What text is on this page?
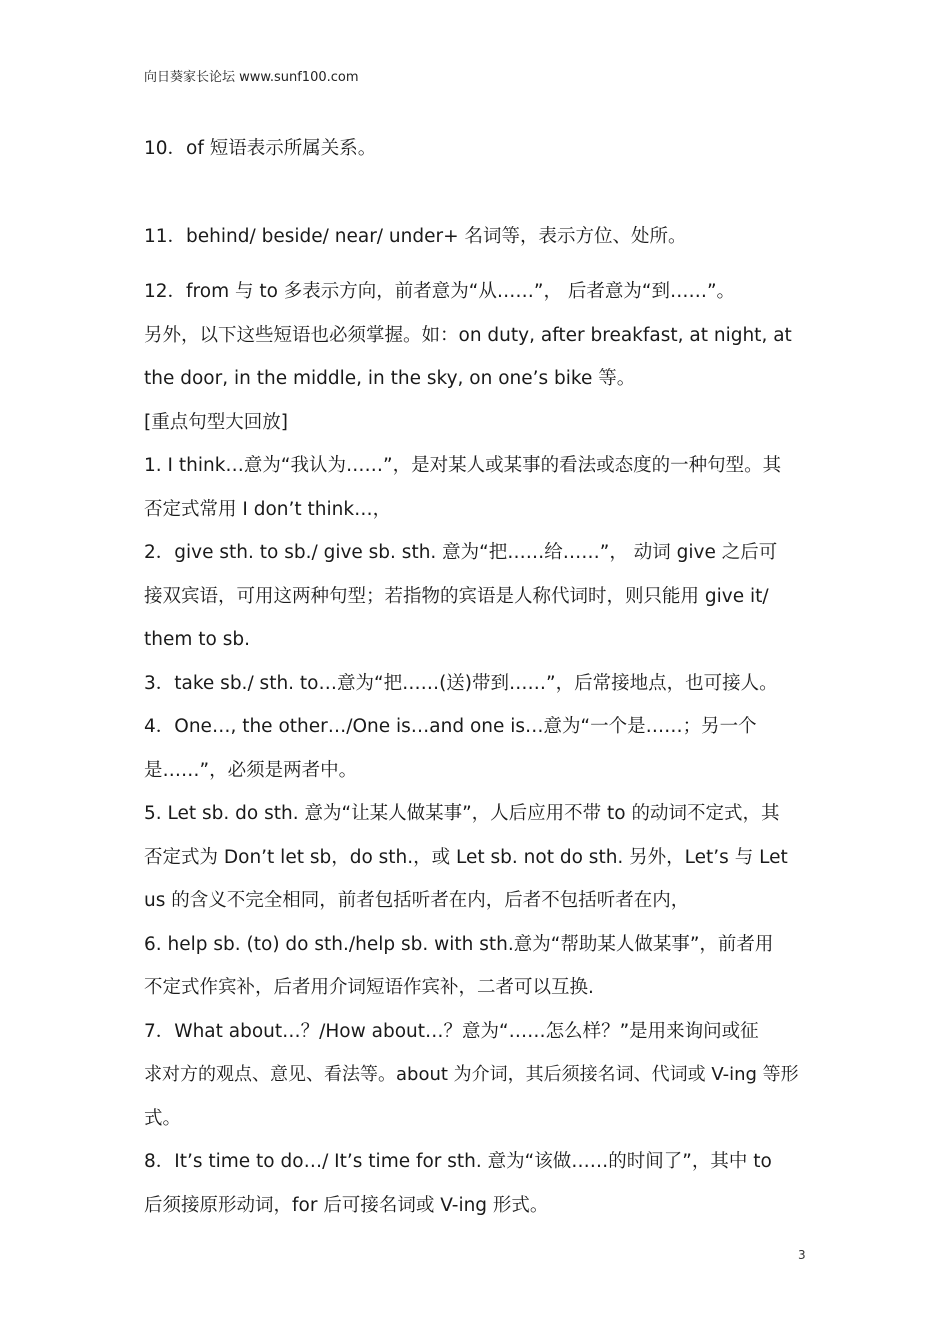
向日葵家长论坛 www.sunf100.com
10．of 短语表示所属关系。
11．behind/ beside/ near/ under+ 名词等，表示方位、处所。
12．from 与 to 多表示方向，前者意为“从……”， 后者意为“到……”。
另外，以下这些短语也必须掌握。如：on duty, after breakfast, at night, at
the door, in the middle, in the sky, on one’s bike 等。
[重点句型大回放]
1. I think…意为“我认为……”，是对某人或某事的看法或态度的一种句型。其
否定式常用 I don’t think…，
2．give sth. to sb./ give sb. sth. 意为“把……给……”， 动词 give 之后可
接双宾语，可用这两种句型；若指物的宾语是人称代词时，则只能用 give it/
them to sb.
3．take sb./ sth. to…意为“把……(送)带到……”，后常接地点，也可接人。
4．One…, the other…/One is…and one is…意为“一个是……；另一个
是……”，必须是两者中。
5. Let sb. do sth. 意为“让某人做某事”，人后应用不带 to 的动词不定式，其
否定式为 Don’t let sb，do sth.，或 Let sb. not do sth. 另外，Let’s 与 Let
us 的含义不完全相同，前者包括听者在内，后者不包括听者在内，
6. help sb. (to) do sth./help sb. with sth.意为“帮助某人做某事”，前者用
不定式作宾补，后者用介词短语作宾补，二者可以互换.
7．What about…？/How about…？意为“……怎么样？”是用来询问或征
求对方的观点、意见、看法等。about 为介词，其后须接名词、代词或 V-ing 等形
式。
8．It’s time to do…/ It’s time for sth. 意为“该做……的时间了”，其中 to
后须接原形动词，for 后可接名词或 V-ing 形式。
3
